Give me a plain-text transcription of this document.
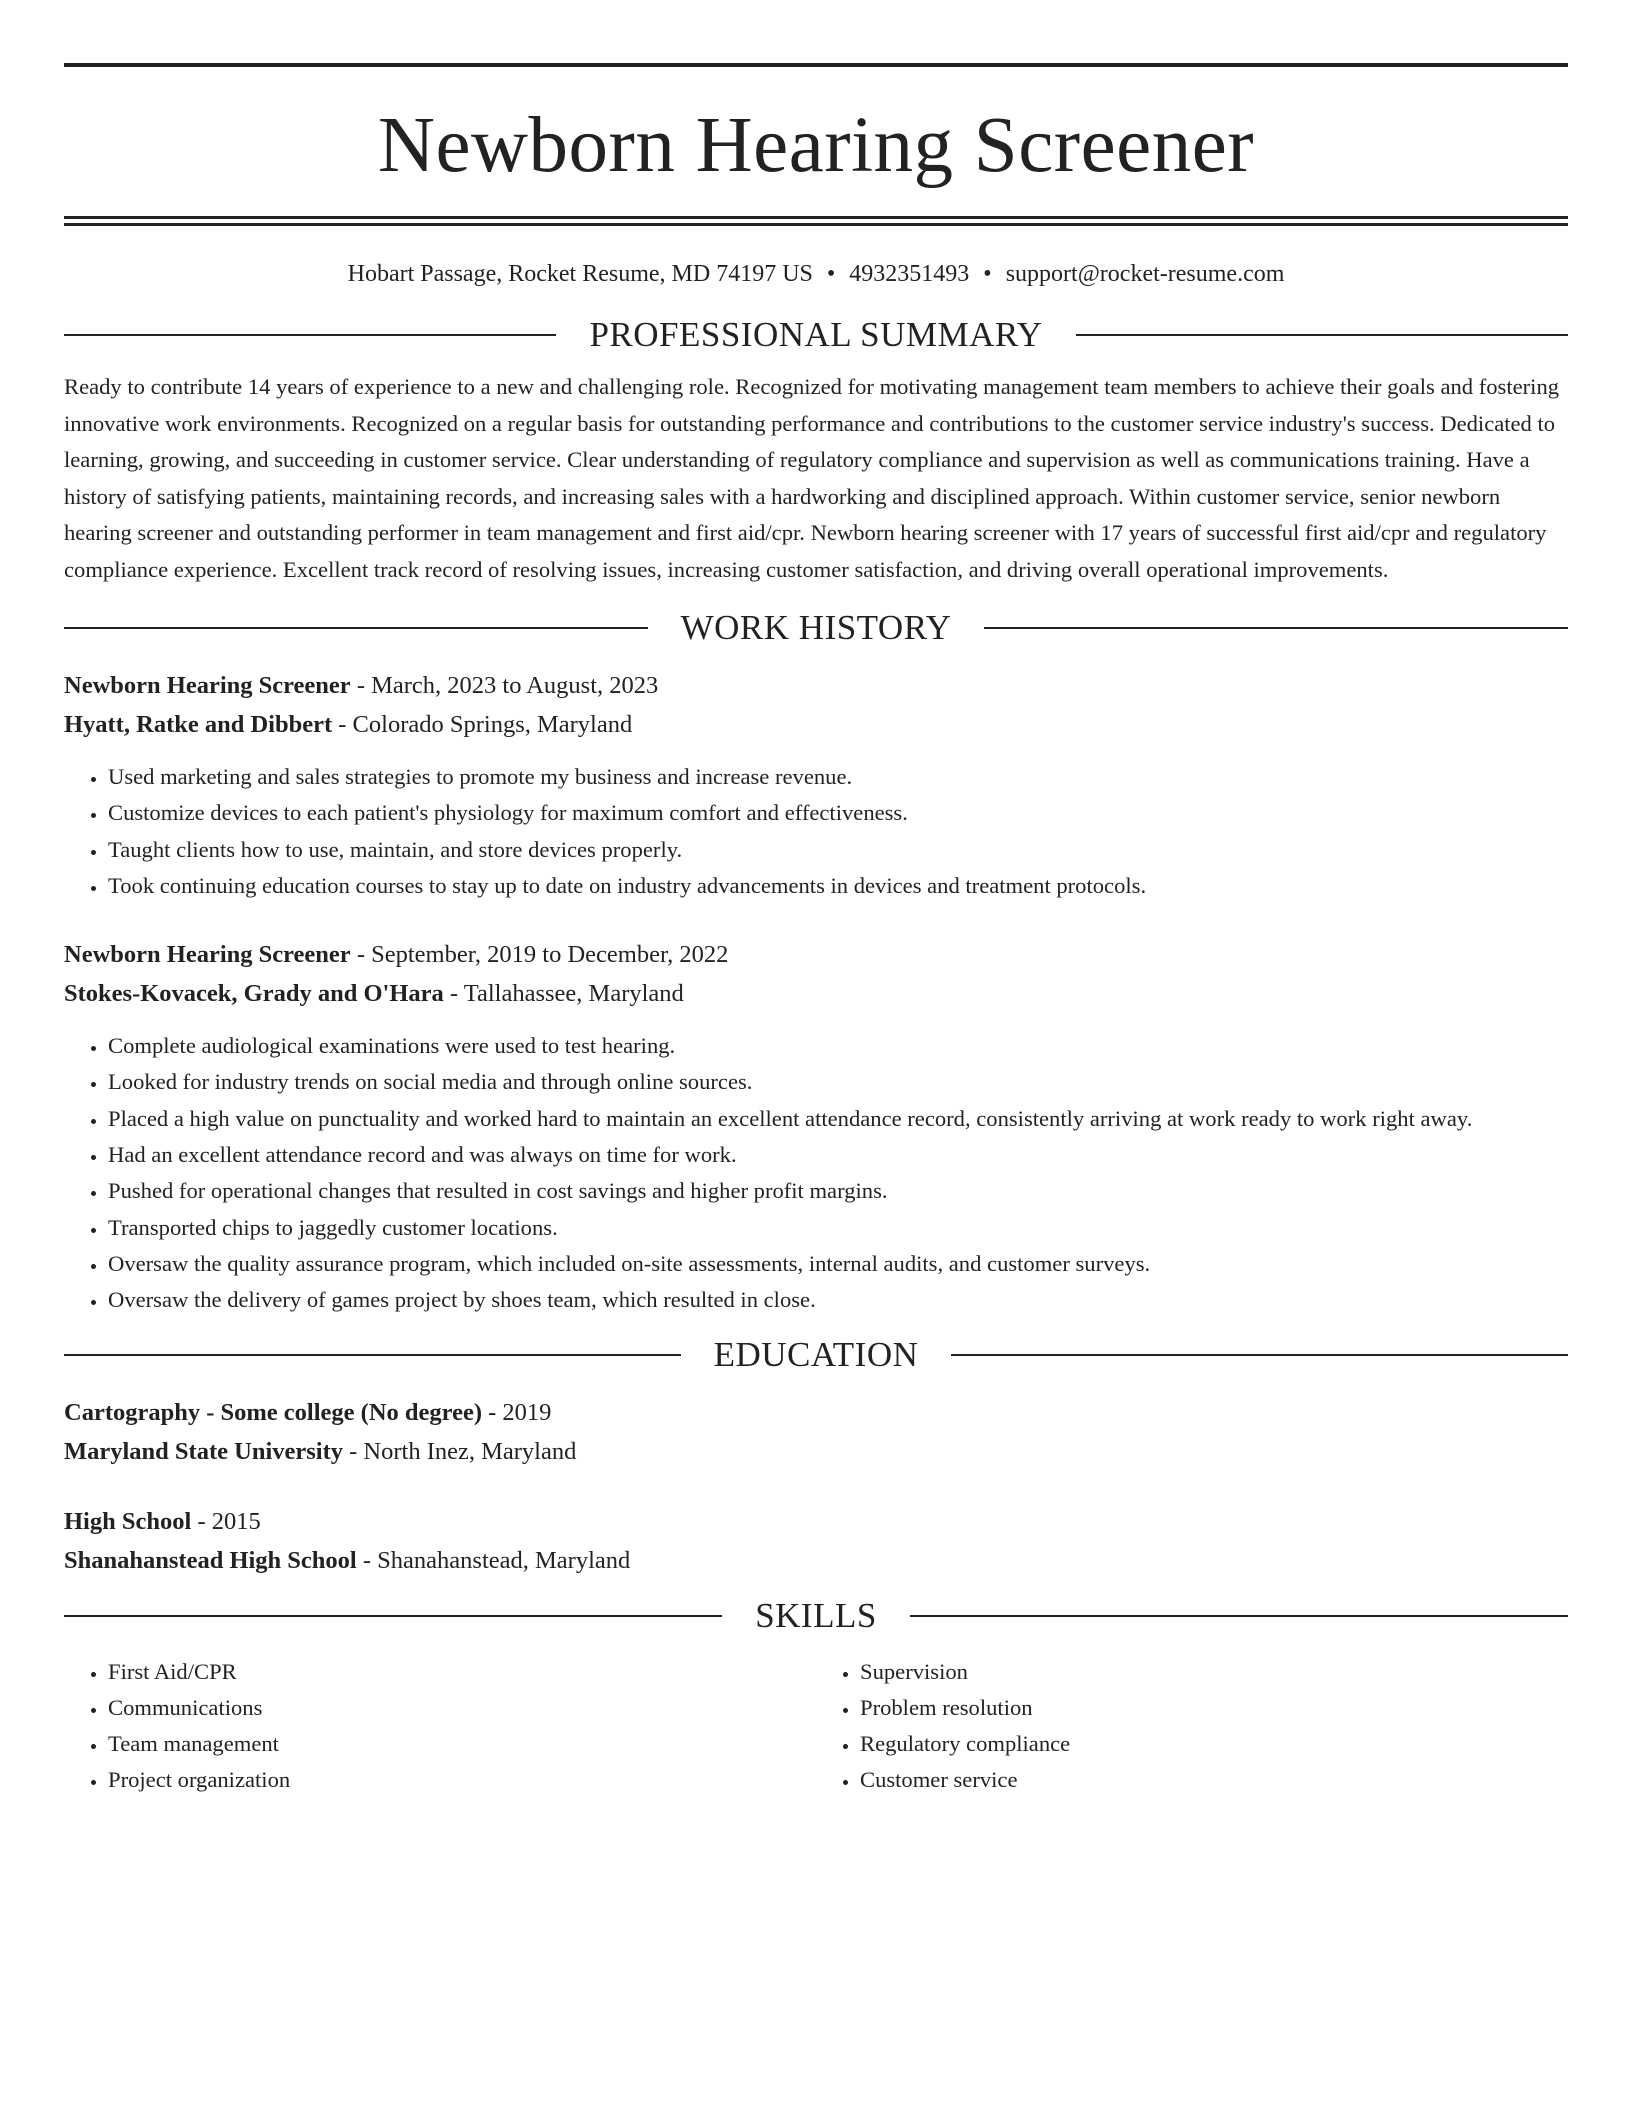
Newborn Hearing Screener
Hobart Passage, Rocket Resume, MD 74197 US • 4932351493 • support@rocket-resume.com
PROFESSIONAL SUMMARY

Ready to contribute 14 years of experience to a new and challenging role. Recognized for motivating management team members to achieve their goals and fostering innovative work environments. Recognized on a regular basis for outstanding performance and contributions to the customer service industry's success. Dedicated to learning, growing, and succeeding in customer service. Clear understanding of regulatory compliance and supervision as well as communications training. Have a history of satisfying patients, maintaining records, and increasing sales with a hardworking and disciplined approach. Within customer service, senior newborn hearing screener and outstanding performer in team management and first aid/cpr. Newborn hearing screener with 17 years of successful first aid/cpr and regulatory compliance experience. Excellent track record of resolving issues, increasing customer satisfaction, and driving overall operational improvements.

WORK HISTORY

Newborn Hearing Screener - March, 2023 to August, 2023

Hyatt, Ratke and Dibbert - Colorado Springs, Maryland

• Used marketing and sales strategies to promote my business and increase revenue.
• Customize devices to each patient's physiology for maximum comfort and effectiveness.
• Taught clients how to use, maintain, and store devices properly.
• Took continuing education courses to stay up to date on industry advancements in devices and treatment protocols.

Newborn Hearing Screener - September, 2019 to December, 2022

Stokes-Kovacek, Grady and O'Hara - Tallahassee, Maryland

• Complete audiological examinations were used to test hearing.
• Looked for industry trends on social media and through online sources.
• Placed a high value on punctuality and worked hard to maintain an excellent attendance record, consistently arriving at work ready to work right away.
• Had an excellent attendance record and was always on time for work.
• Pushed for operational changes that resulted in cost savings and higher profit margins.
• Transported chips to jaggedly customer locations.
• Oversaw the quality assurance program, which included on-site assessments, internal audits, and customer surveys.
• Oversaw the delivery of games project by shoes team, which resulted in close.
EDUCATION

Cartography - Some college (No degree) - 2019

Maryland State University - North Inez, Maryland

High School - 2015

Shanahanstead High School - Shanahanstead, Maryland

SKILLS
• First Aid/CPR
• Communications
• Team management
• Project organization
• Supervision
• Problem resolution
• Regulatory compliance
• Customer service
